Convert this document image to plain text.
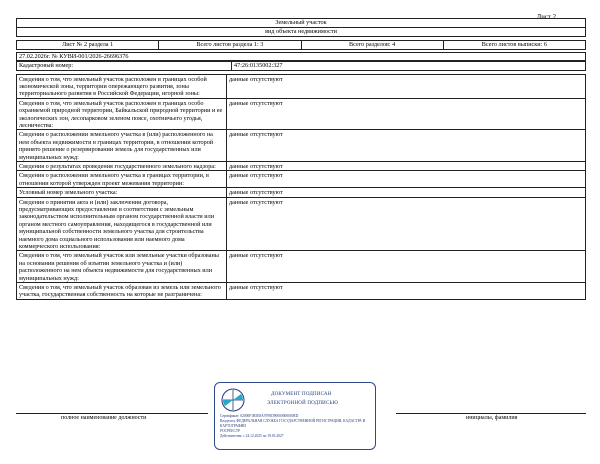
Лист 2
Земельный участок
вид объекта недвижимости
Лист № 2 раздела 1	Всего листов раздела 1: 3	Всего разделов: 4	Всего листов выписки: 6
27.02.2026г. № КУВИ-001/2026-26696376
Кадастровый номер:	47:26:0135002:327
Сведения о том, что земельный участок расположен в границах особой экономической зоны, территории опережающего развития, зоны территориального развития в Российской Федерации, игорной зоны:	данные отсутствуют
Сведения о том, что земельный участок расположен в границах особо охраняемой природной территории, Байкальской природной территории и ее экологических зон, лесопарковом зеленом поясе, охотничьего угодья, лесничества:	данные отсутствуют
Сведения о расположении земельного участка в (или) расположенного на нем объекта недвижимости в границах территории, в отношении которой принято решение о резервировании земель для государственных или муниципальных нужд:	данные отсутствуют
Сведения о результатах проведения государственного земельного надзора:	данные отсутствуют
Сведения о расположении земельного участка в границах территории, в отношении которой утвержден проект межевания территории:	данные отсутствуют
Условный номер земельного участка:	данные отсутствуют
Сведения о принятии акта и (или) заключении договора, предусматривающих предоставление в соответствии с земельным законодательством исполнительным органом государственной власти или органом местного самоуправления, находящегося в государственной или муниципальной собственности земельного участка для строительства наемного дома социального использования или наемного дома коммерческого использования:	данные отсутствуют
Сведения о том, что земельный участок или земельные участки образованы на основании решения об изъятии земельного участка и (или) расположенного на нем объекта недвижимости для государственных или муниципальных нужд:	данные отсутствуют
Сведения о том, что земельный участок образован из земель или земельного участка, государственная собственность на которые не разграничена:	данные отсутствуют
полное наименование должности	инициалы, фамилия
ДОКУМЕНТ ПОДПИСАН
ЭЛЕКТРОННОЙ ПОДПИСЬЮ
Сертификат: 02000F1B5E8A97F0D90000000000ED
Владелец: ФЕДЕРАЛЬНАЯ СЛУЖБА ГОСУДАРСТВЕННОЙ РЕГИСТРАЦИИ, КАДАСТРА И КАРТОГРАФИИ
РОСРЕЕСТР
Действителен: с 24.12.2025 по 19.03.2027
